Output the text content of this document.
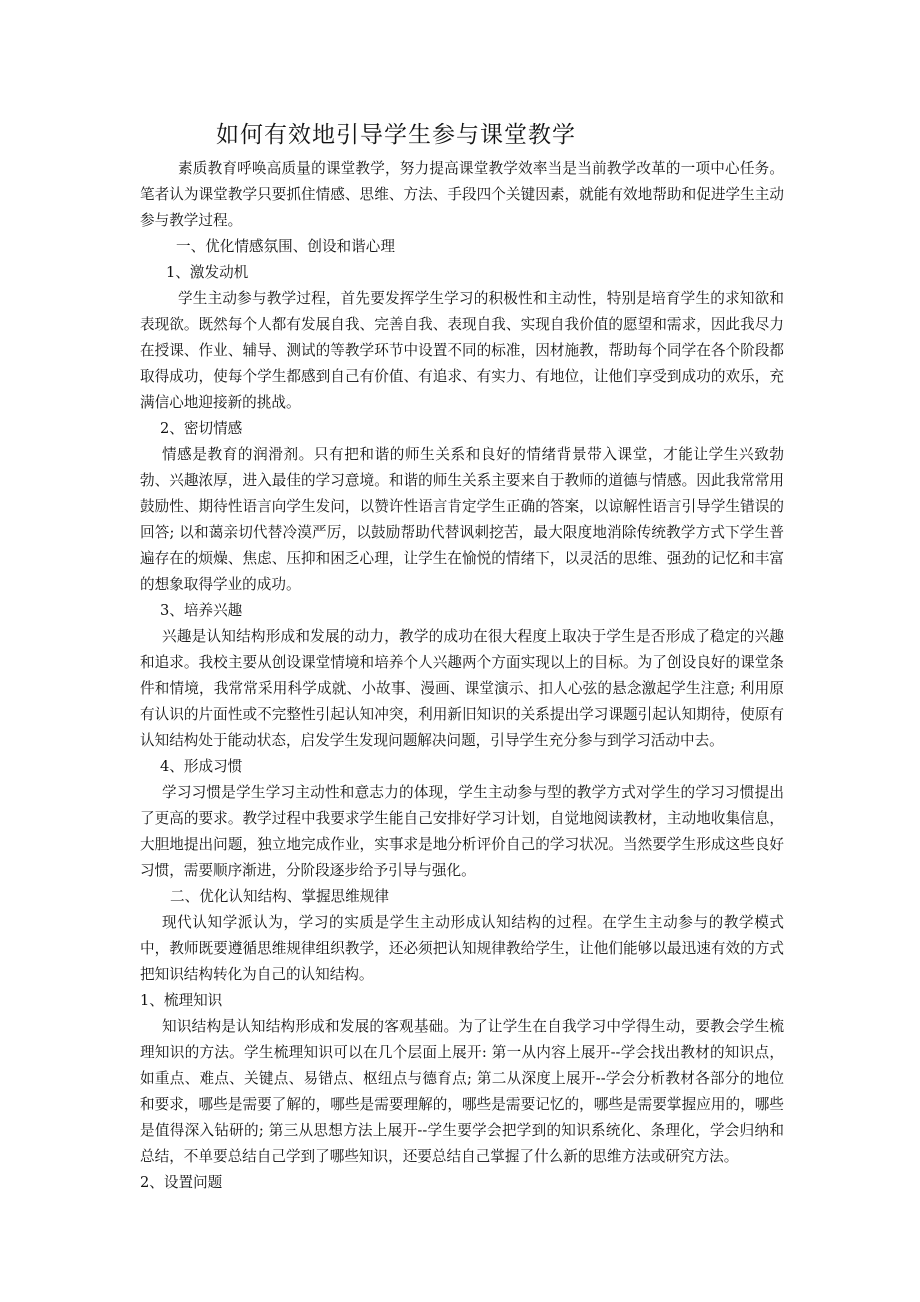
如何有效地引导学生参与课堂教学

素质教育呼唤高质量的课堂教学，努力提高课堂教学效率当是当前教学改革的一项中心任务。笔者认为课堂教学只要抓住情感、思维、方法、手段四个关键因素，就能有效地帮助和促进学生主动参与教学过程。

一、优化情感氛围、创设和谐心理

1、激发动机

学生主动参与教学过程，首先要发挥学生学习的积极性和主动性，特别是培育学生的求知欲和表现欲。既然每个人都有发展自我、完善自我、表现自我、实现自我价值的愿望和需求，因此我尽力在授课、作业、辅导、测试的等教学环节中设置不同的标准，因材施教，帮助每个同学在各个阶段都取得成功，使每个学生都感到自己有价值、有追求、有实力、有地位，让他们享受到成功的欢乐，充满信心地迎接新的挑战。

2、密切情感

情感是教育的润滑剂。只有把和谐的师生关系和良好的情绪背景带入课堂，才能让学生兴致勃勃、兴趣浓厚，进入最佳的学习意境。和谐的师生关系主要来自于教师的道德与情感。因此我常常用鼓励性、期待性语言向学生发问，以赞许性语言肯定学生正确的答案，以谅解性语言引导学生错误的回答; 以和蔼亲切代替冷漠严厉，以鼓励帮助代替讽刺挖苦，最大限度地消除传统教学方式下学生普遍存在的烦燥、焦虑、压抑和困乏心理，让学生在愉悦的情绪下，以灵活的思维、强劲的记忆和丰富的想象取得学业的成功。

3、培养兴趣

兴趣是认知结构形成和发展的动力，教学的成功在很大程度上取决于学生是否形成了稳定的兴趣和追求。我校主要从创设课堂情境和培养个人兴趣两个方面实现以上的目标。为了创设良好的课堂条件和情境，我常常采用科学成就、小故事、漫画、课堂演示、扣人心弦的悬念激起学生注意; 利用原有认识的片面性或不完整性引起认知冲突，利用新旧知识的关系提出学习课题引起认知期待，使原有认知结构处于能动状态，启发学生发现问题解决问题，引导学生充分参与到学习活动中去。

4、形成习惯

学习习惯是学生学习主动性和意志力的体现，学生主动参与型的教学方式对学生的学习习惯提出了更高的要求。教学过程中我要求学生能自己安排好学习计划，自觉地阅读教材，主动地收集信息，大胆地提出问题，独立地完成作业，实事求是地分析评价自己的学习状况。当然要学生形成这些良好习惯，需要顺序渐进，分阶段逐步给予引导与强化。

二、优化认知结构、掌握思维规律

现代认知学派认为，学习的实质是学生主动形成认知结构的过程。在学生主动参与的教学模式中，教师既要遵循思维规律组织教学，还必须把认知规律教给学生，让他们能够以最迅速有效的方式把知识结构转化为自己的认知结构。

1、梳理知识

知识结构是认知结构形成和发展的客观基础。为了让学生在自我学习中学得生动，要教会学生梳理知识的方法。学生梳理知识可以在几个层面上展开: 第一从内容上展开--学会找出教材的知识点，如重点、难点、关键点、易错点、枢纽点与德育点; 第二从深度上展开--学会分析教材各部分的地位和要求，哪些是需要了解的，哪些是需要理解的，哪些是需要记忆的，哪些是需要掌握应用的，哪些是值得深入钻研的; 第三从思想方法上展开--学生要学会把学到的知识系统化、条理化，学会归纳和总结，不单要总结自己学到了哪些知识，还要总结自己掌握了什么新的思维方法或研究方法。

2、设置问题
